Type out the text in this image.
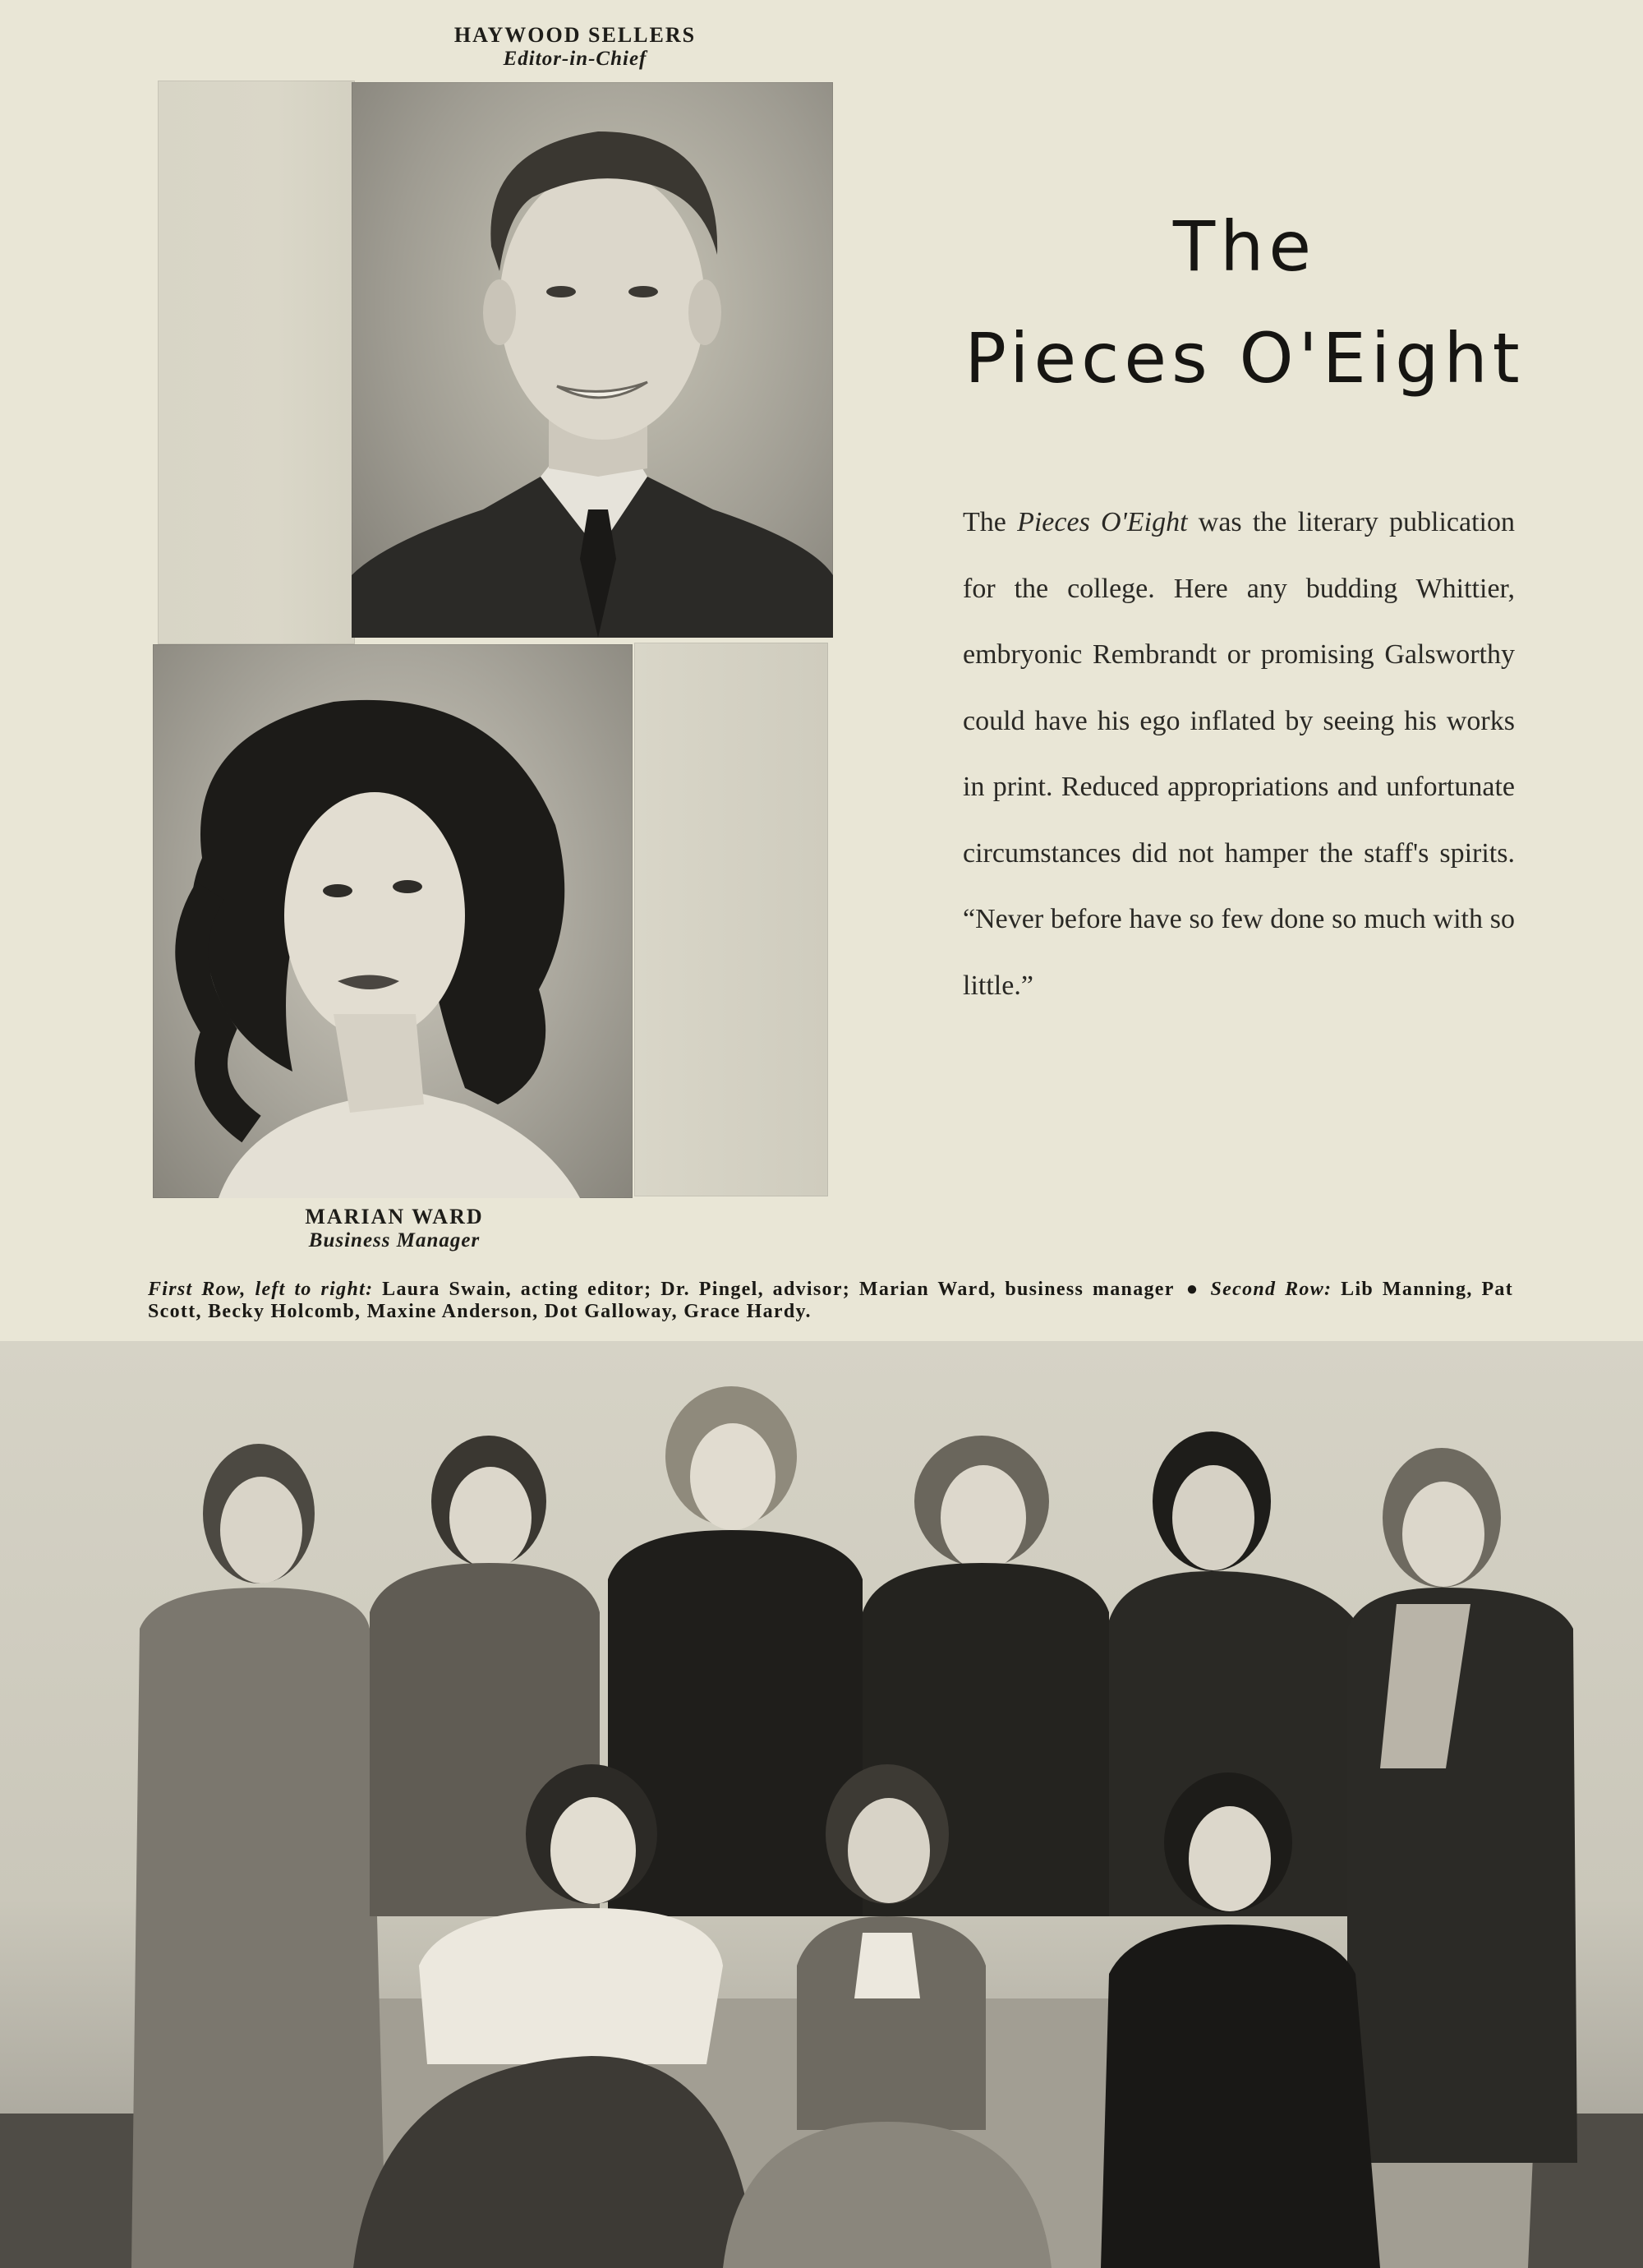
HAYWOOD SELLERS
Editor-in-Chief
MARIAN WARD
Business Manager
The
Pieces O'Eight

The Pieces O'Eight was the literary publication for the college. Here any budding Whittier, embryonic Rembrandt or promising Galsworthy could have his ego inflated by seeing his works in print. Reduced appropriations and unfortunate circumstances did not hamper the staff's spirits. “Never before have so few done so much with so little.”

First Row, left to right: Laura Swain, acting editor; Dr. Pingel, advisor; Marian Ward, business manager ● Second Row: Lib Manning, Pat Scott, Becky Holcomb, Maxine Anderson, Dot Galloway, Grace Hardy.
